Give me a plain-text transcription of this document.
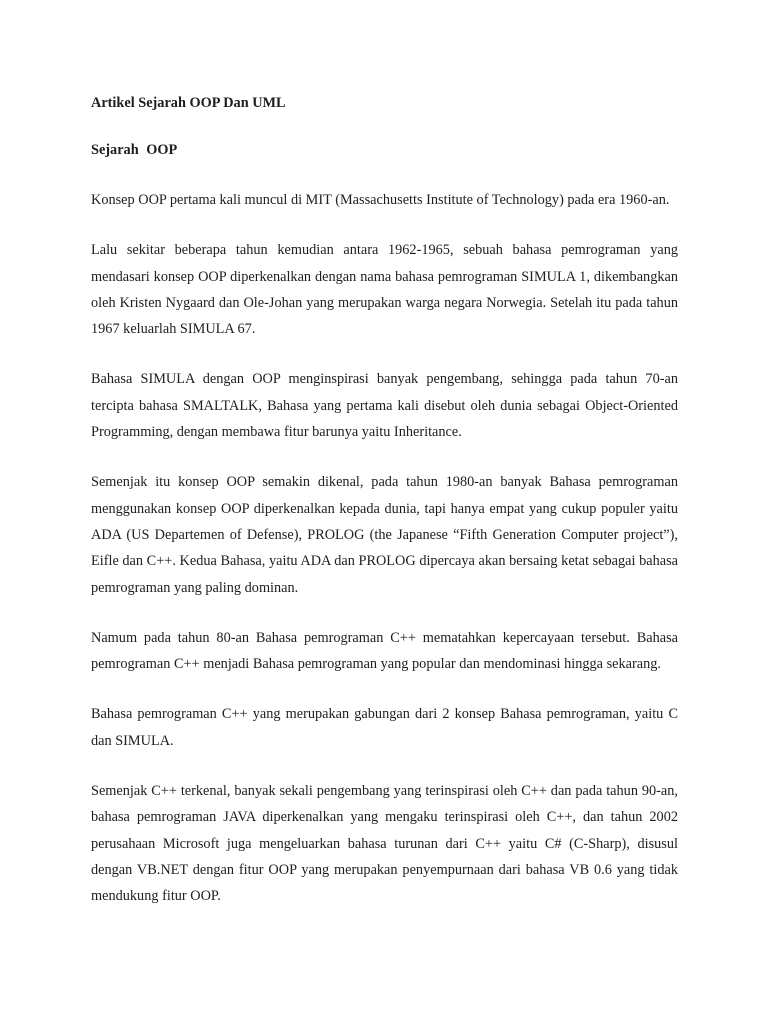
Artikel Sejarah OOP Dan UML

Sejarah OOP

Konsep OOP pertama kali muncul di MIT (Massachusetts Institute of Technology) pada era 1960-an.

Lalu sekitar beberapa tahun kemudian antara 1962-1965, sebuah bahasa pemrograman yang mendasari konsep OOP diperkenalkan dengan nama bahasa pemrograman SIMULA 1, dikembangkan oleh Kristen Nygaard dan Ole-Johan yang merupakan warga negara Norwegia. Setelah itu pada tahun 1967 keluarlah SIMULA 67.

Bahasa SIMULA dengan OOP menginspirasi banyak pengembang, sehingga pada tahun 70-an tercipta bahasa SMALTALK, Bahasa yang pertama kali disebut oleh dunia sebagai Object-Oriented Programming, dengan membawa fitur barunya yaitu Inheritance.

Semenjak itu konsep OOP semakin dikenal, pada tahun 1980-an banyak Bahasa pemrograman menggunakan konsep OOP diperkenalkan kepada dunia, tapi hanya empat yang cukup populer yaitu ADA (US Departemen of Defense), PROLOG (the Japanese “Fifth Generation Computer project”), Eifle dan C++. Kedua Bahasa, yaitu ADA dan PROLOG dipercaya akan bersaing ketat sebagai bahasa pemrograman yang paling dominan.

Namum pada tahun 80-an Bahasa pemrograman C++ mematahkan kepercayaan tersebut. Bahasa pemrograman C++ menjadi Bahasa pemrograman yang popular dan mendominasi hingga sekarang.

Bahasa pemrograman C++ yang merupakan gabungan dari 2 konsep Bahasa pemrograman, yaitu C dan SIMULA.

Semenjak C++ terkenal, banyak sekali pengembang yang terinspirasi oleh C++ dan pada tahun 90-an, bahasa pemrograman JAVA diperkenalkan yang mengaku terinspirasi oleh C++, dan tahun 2002 perusahaan Microsoft juga mengeluarkan bahasa turunan dari C++ yaitu C# (C-Sharp), disusul dengan VB.NET dengan fitur OOP yang merupakan penyempurnaan dari bahasa VB 0.6 yang tidak mendukung fitur OOP.
